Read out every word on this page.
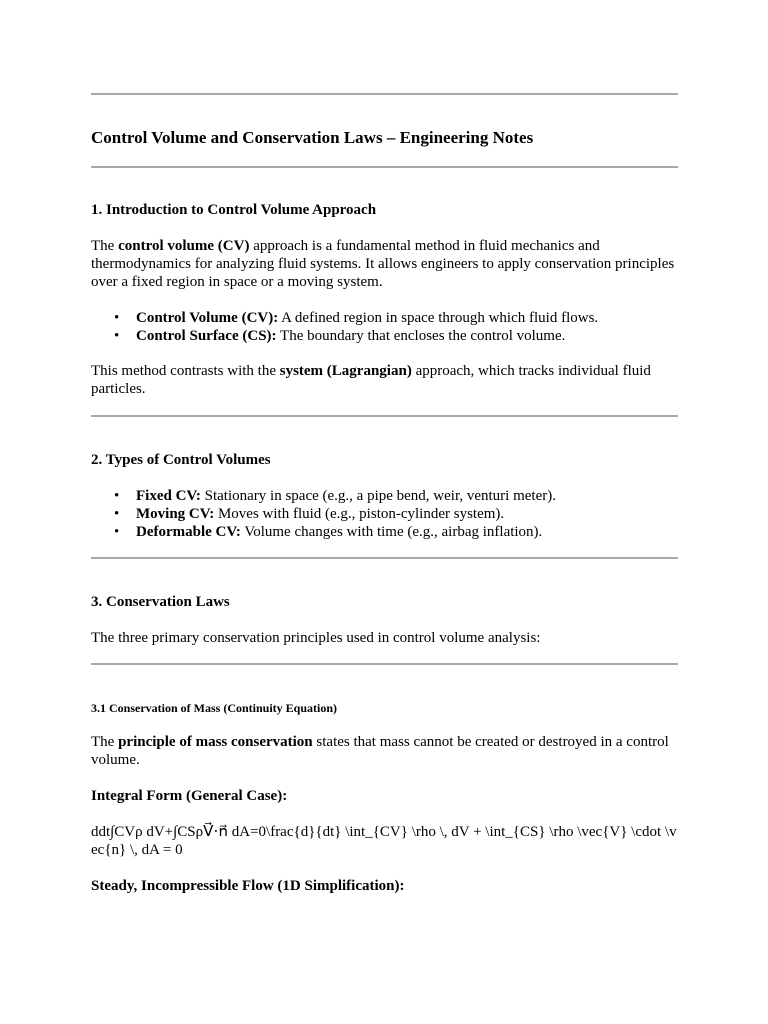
Control Volume and Conservation Laws – Engineering Notes
1. Introduction to Control Volume Approach

The control volume (CV) approach is a fundamental method in fluid mechanics and thermodynamics for analyzing fluid systems. It allows engineers to apply conservation principles over a fixed region in space or a moving system.

• Control Volume (CV): A defined region in space through which fluid flows.
• Control Surface (CS): The boundary that encloses the control volume.

This method contrasts with the system (Lagrangian) approach, which tracks individual fluid particles.

2. Types of Control Volumes
• Fixed CV: Stationary in space (e.g., a pipe bend, weir, venturi meter).
• Moving CV: Moves with fluid (e.g., piston-cylinder system).
• Deformable CV: Volume changes with time (e.g., airbag inflation).
3. Conservation Laws

The three primary conservation principles used in control volume analysis:

3.1 Conservation of Mass (Continuity Equation)

The principle of mass conservation states that mass cannot be created or destroyed in a control volume.

Integral Form (General Case):

ddt∫CVρ dV+∫CSρV⃗⋅n⃗ dA=0\frac{d}{dt} \int_{CV} \rho \, dV + \int_{CS} \rho \vec{V} \cdot \vec{n} \, dA = 0

Steady, Incompressible Flow (1D Simplification):
